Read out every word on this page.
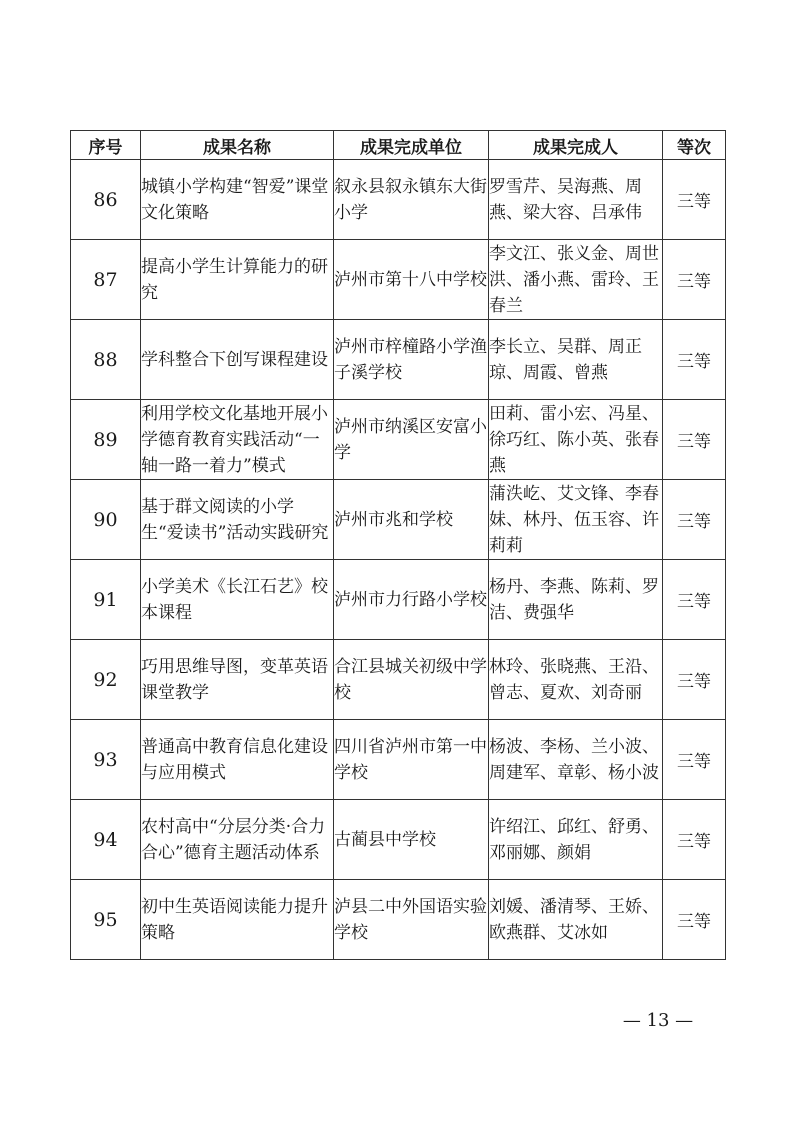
序号	成果名称	成果完成单位	成果完成人	等次
86	城镇小学构建“智爱”课堂文化策略	叙永县叙永镇东大街小学	罗雪芹、吴海燕、周燕、梁大容、吕承伟	三等
87	提高小学生计算能力的研究	泸州市第十八中学校	李文江、张义金、周世洪、潘小燕、雷玲、王春兰	三等
88	学科整合下创写课程建设	泸州市梓橦路小学渔子溪学校	李长立、吴群、周正琼、周霞、曾燕	三等
89	利用学校文化基地开展小学德育教育实践活动“一轴一路一着力”模式	泸州市纳溪区安富小学	田莉、雷小宏、冯星、徐巧红、陈小英、张春燕	三等
90	基于群文阅读的小学生“爱读书”活动实践研究	泸州市兆和学校	蒲泆屹、艾文锋、李春妹、林丹、伍玉容、许莉莉	三等
91	小学美术《长江石艺》校本课程	泸州市力行路小学校	杨丹、李燕、陈莉、罗洁、费强华	三等
92	巧用思维导图，变革英语课堂教学	合江县城关初级中学校	林玲、张晓燕、王沿、曾志、夏欢、刘奇丽	三等
93	普通高中教育信息化建设与应用模式	四川省泸州市第一中学校	杨波、李杨、兰小波、周建军、章彰、杨小波	三等
94	农村高中“分层分类·合力合心”德育主题活动体系	古蔺县中学校	许绍江、邱红、舒勇、邓丽娜、颜娟	三等
95	初中生英语阅读能力提升策略	泸县二中外国语实验学校	刘媛、潘清琴、王娇、欧燕群、艾冰如	三等
— 13 —
